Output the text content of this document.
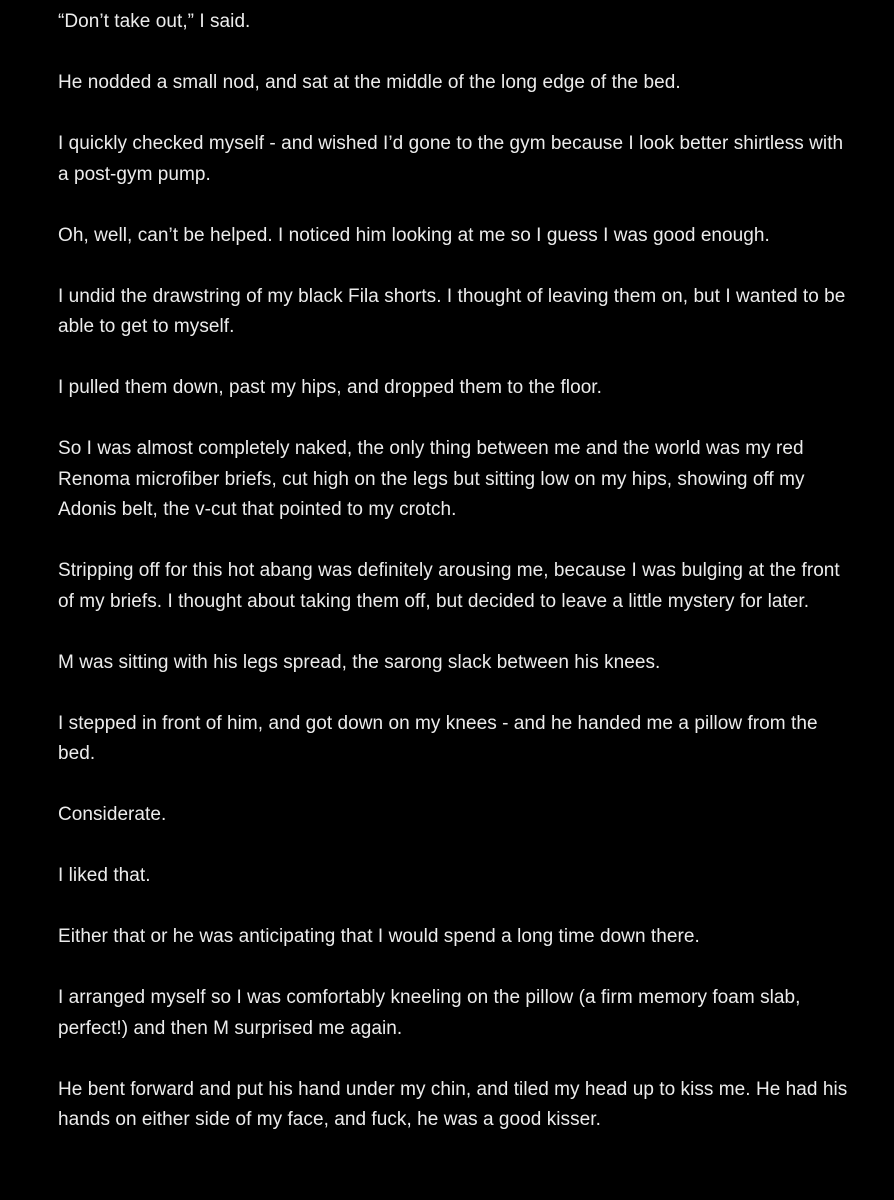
“Don’t take out,” I said.

He nodded a small nod, and sat at the middle of the long edge of the bed.

I quickly checked myself - and wished I’d gone to the gym because I look better shirtless with a post-gym pump.

Oh, well, can’t be helped. I noticed him looking at me so I guess I was good enough.

I undid the drawstring of my black Fila shorts. I thought of leaving them on, but I wanted to be able to get to myself.

I pulled them down, past my hips, and dropped them to the floor.

So I was almost completely naked, the only thing between me and the world was my red Renoma microfiber briefs, cut high on the legs but sitting low on my hips, showing off my Adonis belt, the v-cut that pointed to my crotch.

Stripping off for this hot abang was definitely arousing me, because I was bulging at the front of my briefs. I thought about taking them off, but decided to leave a little mystery for later.

M was sitting with his legs spread, the sarong slack between his knees.

I stepped in front of him, and got down on my knees - and he handed me a pillow from the bed.

Considerate.

I liked that.

Either that or he was anticipating that I would spend a long time down there.

I arranged myself so I was comfortably kneeling on the pillow (a firm memory foam slab, perfect!) and then M surprised me again.

He bent forward and put his hand under my chin, and tiled my head up to kiss me. He had his hands on either side of my face, and fuck, he was a good kisser.
